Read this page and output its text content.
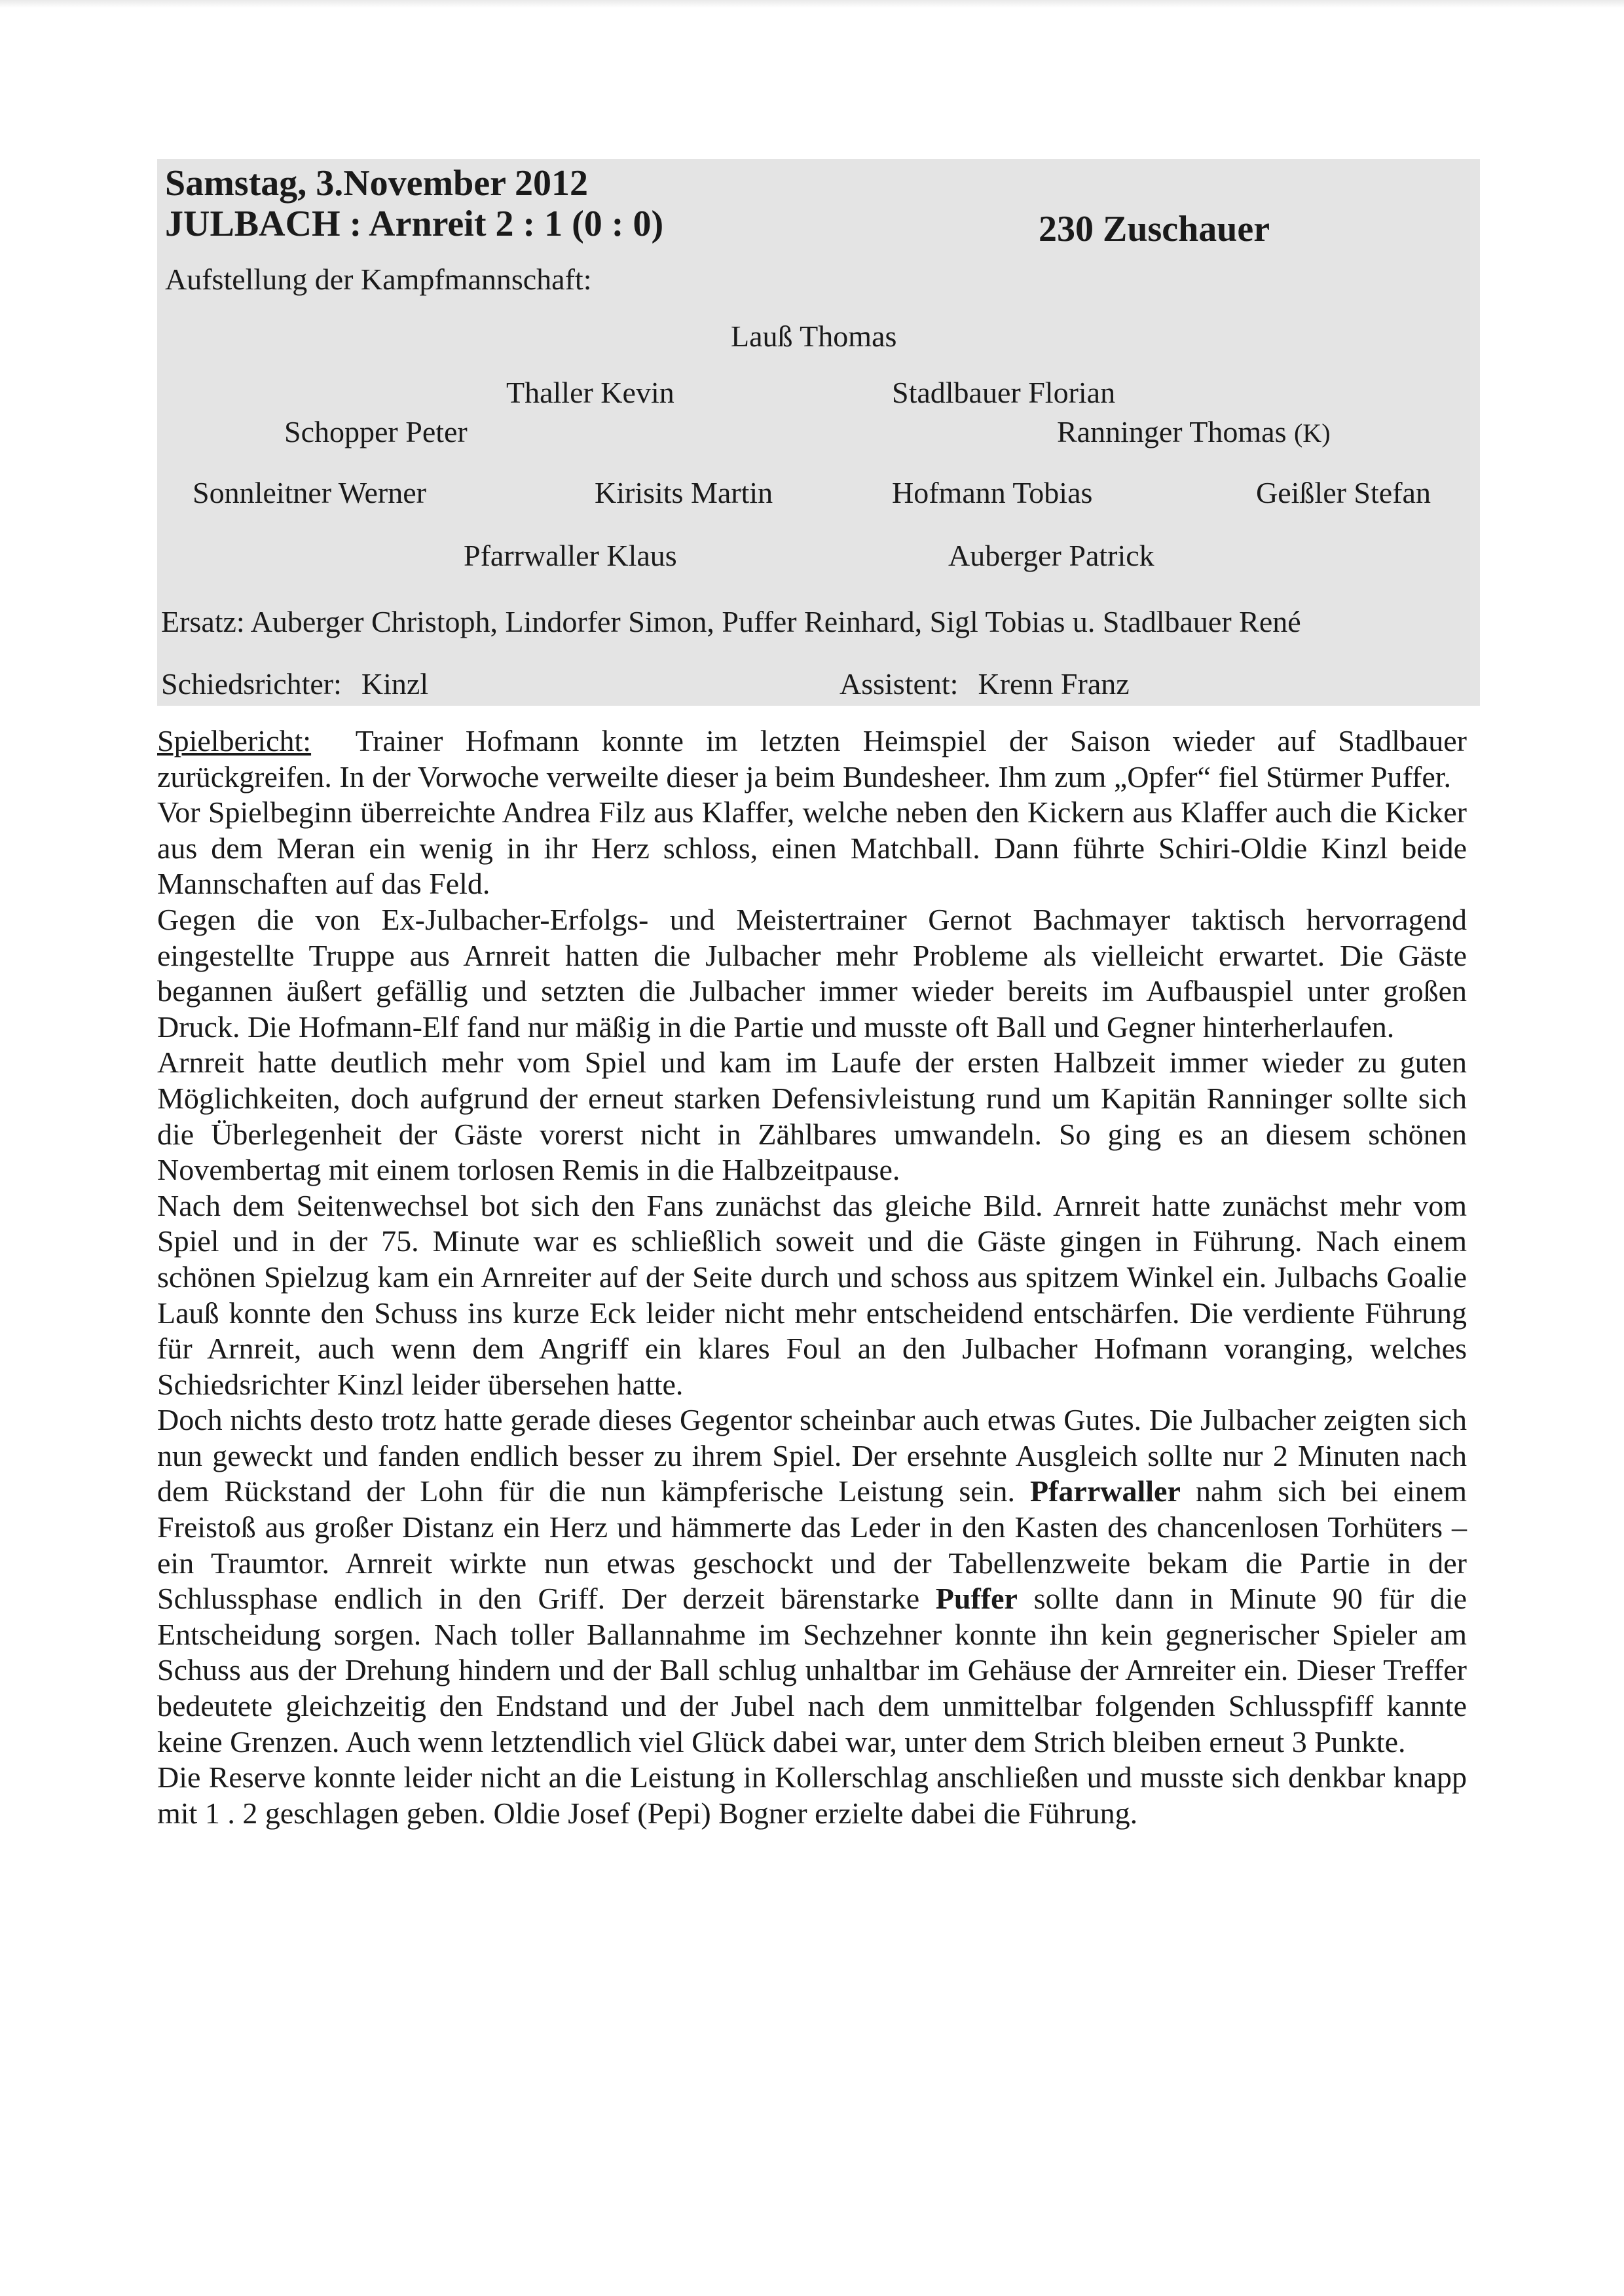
Samstag, 3.November 2012
JULBACH : Arnreit 2 : 1 (0 : 0)	230 Zuschauer
Aufstellung der Kampfmannschaft:
Lauß Thomas
Thaller Kevin	Stadlbauer Florian
Schopper Peter	Ranninger Thomas (K)
Sonnleitner Werner	Kirisits Martin	Hofmann Tobias	Geißler Stefan
Pfarrwaller Klaus	Auberger Patrick
Ersatz: Auberger Christoph, Lindorfer Simon, Puffer Reinhard, Sigl Tobias u. Stadlbauer René
Schiedsrichter: Kinzl	Assistent: Krenn Franz

Spielbericht: Trainer Hofmann konnte im letzten Heimspiel der Saison wieder auf Stadlbauer zurückgreifen. In der Vorwoche verweilte dieser ja beim Bundesheer. Ihm zum „Opfer“ fiel Stürmer Puffer.

Vor Spielbeginn überreichte Andrea Filz aus Klaffer, welche neben den Kickern aus Klaffer auch die Kicker aus dem Meran ein wenig in ihr Herz schloss, einen Matchball. Dann führte Schiri-Oldie Kinzl beide Mannschaften auf das Feld.

Gegen die von Ex-Julbacher-Erfolgs- und Meistertrainer Gernot Bachmayer taktisch hervorragend eingestellte Truppe aus Arnreit hatten die Julbacher mehr Probleme als vielleicht erwartet. Die Gäste begannen äußert gefällig und setzten die Julbacher immer wieder bereits im Aufbauspiel unter großen Druck. Die Hofmann-Elf fand nur mäßig in die Partie und musste oft Ball und Gegner hinterherlaufen.

Arnreit hatte deutlich mehr vom Spiel und kam im Laufe der ersten Halbzeit immer wieder zu guten Möglichkeiten, doch aufgrund der erneut starken Defensivleistung rund um Kapitän Ranninger sollte sich die Überlegenheit der Gäste vorerst nicht in Zählbares umwandeln. So ging es an diesem schönen Novembertag mit einem torlosen Remis in die Halbzeitpause.

Nach dem Seitenwechsel bot sich den Fans zunächst das gleiche Bild. Arnreit hatte zunächst mehr vom Spiel und in der 75. Minute war es schließlich soweit und die Gäste gingen in Führung. Nach einem schönen Spielzug kam ein Arnreiter auf der Seite durch und schoss aus spitzem Winkel ein. Julbachs Goalie Lauß konnte den Schuss ins kurze Eck leider nicht mehr entscheidend entschärfen. Die verdiente Führung für Arnreit, auch wenn dem Angriff ein klares Foul an den Julbacher Hofmann voranging, welches Schiedsrichter Kinzl leider übersehen hatte.

Doch nichts desto trotz hatte gerade dieses Gegentor scheinbar auch etwas Gutes. Die Julbacher zeigten sich nun geweckt und fanden endlich besser zu ihrem Spiel. Der ersehnte Ausgleich sollte nur 2 Minuten nach dem Rückstand der Lohn für die nun kämpferische Leistung sein. Pfarrwaller nahm sich bei einem Freistoß aus großer Distanz ein Herz und hämmerte das Leder in den Kasten des chancenlosen Torhüters – ein Traumtor. Arnreit wirkte nun etwas geschockt und der Tabellenzweite bekam die Partie in der Schlussphase endlich in den Griff. Der derzeit bärenstarke Puffer sollte dann in Minute 90 für die Entscheidung sorgen. Nach toller Ballannahme im Sechzehner konnte ihn kein gegnerischer Spieler am Schuss aus der Drehung hindern und der Ball schlug unhaltbar im Gehäuse der Arnreiter ein. Dieser Treffer bedeutete gleichzeitig den Endstand und der Jubel nach dem unmittelbar folgenden Schlusspfiff kannte keine Grenzen. Auch wenn letztendlich viel Glück dabei war, unter dem Strich bleiben erneut 3 Punkte.

Die Reserve konnte leider nicht an die Leistung in Kollerschlag anschließen und musste sich denkbar knapp mit 1 . 2 geschlagen geben. Oldie Josef (Pepi) Bogner erzielte dabei die Führung.
